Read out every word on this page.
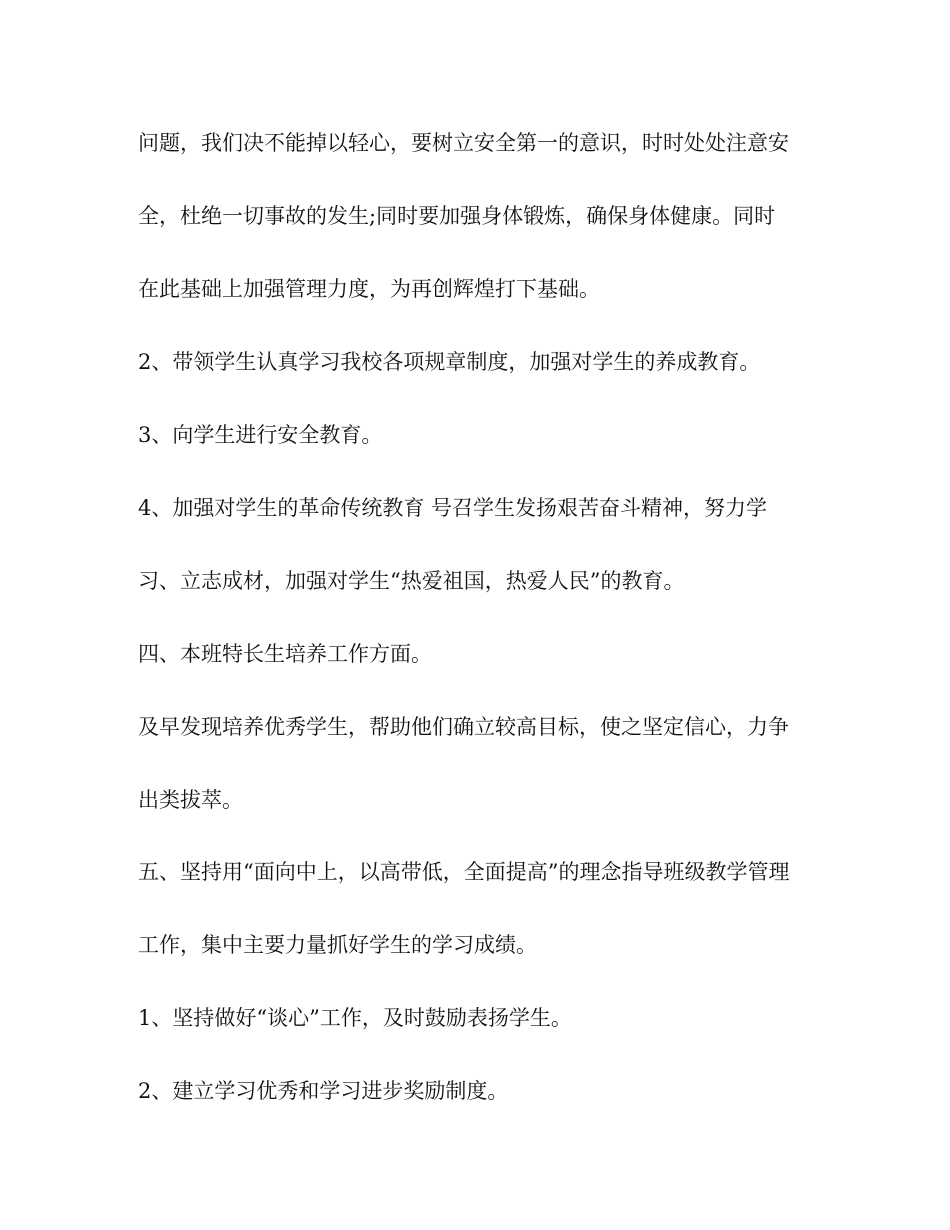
问题，我们决不能掉以轻心，要树立安全第一的意识，时时处处注意安
全，杜绝一切事故的发生;同时要加强身体锻炼，确保身体健康。同时
在此基础上加强管理力度，为再创辉煌打下基础。
2、带领学生认真学习我校各项规章制度，加强对学生的养成教育。
3、向学生进行安全教育。
4、加强对学生的革命传统教育 号召学生发扬艰苦奋斗精神，努力学
习、立志成材，加强对学生“热爱祖国，热爱人民”的教育。
四、本班特长生培养工作方面。
及早发现培养优秀学生，帮助他们确立较高目标，使之坚定信心，力争
出类拔萃。
五、坚持用“面向中上，以高带低，全面提高”的理念指导班级教学管理
工作，集中主要力量抓好学生的学习成绩。
1、坚持做好“谈心”工作，及时鼓励表扬学生。
2、建立学习优秀和学习进步奖励制度。
